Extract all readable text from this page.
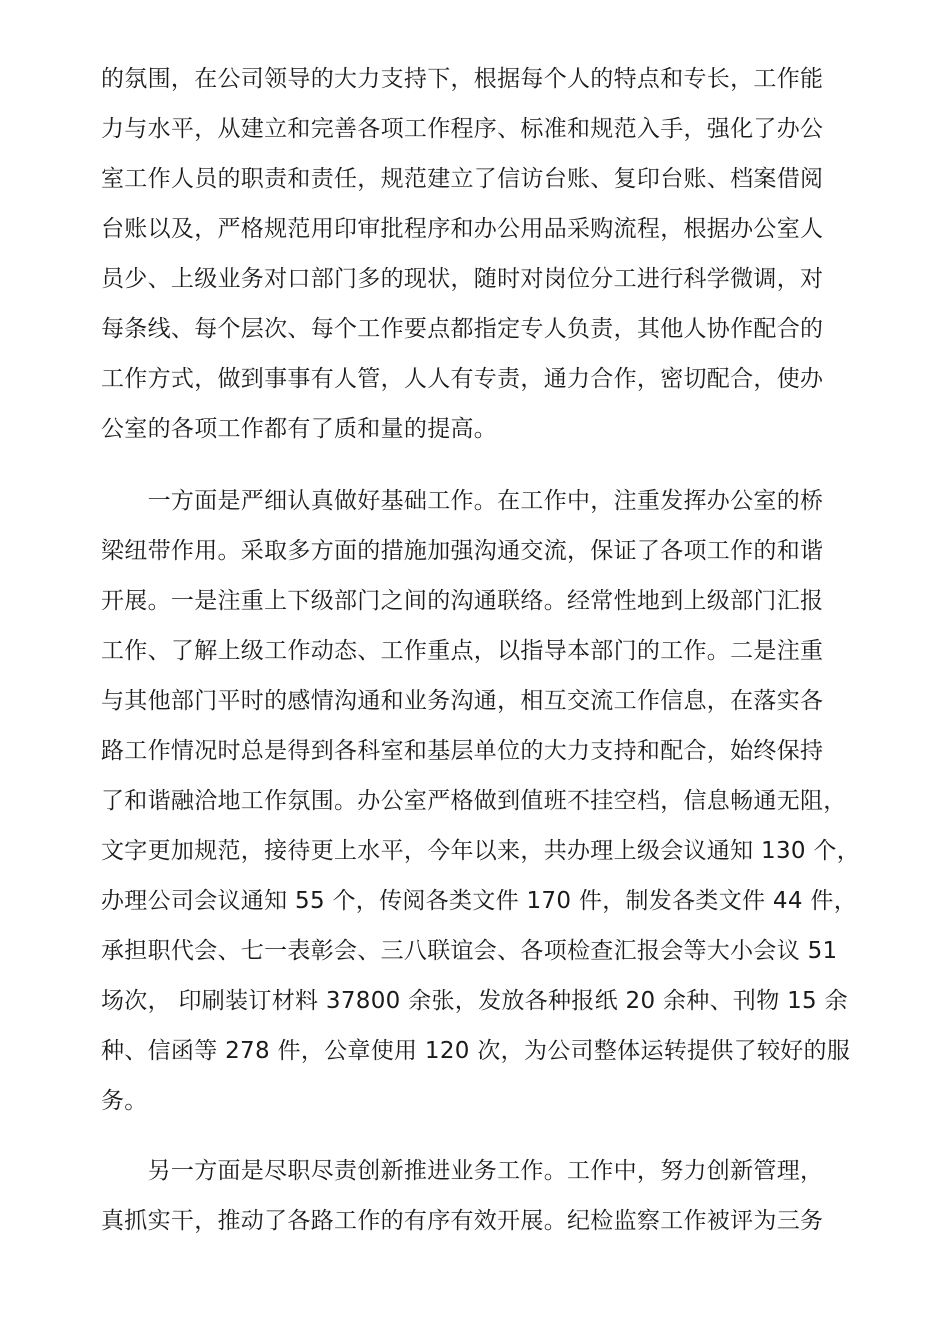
的氛围，在公司领导的大力支持下，根据每个人的特点和专长，工作能
力与水平，从建立和完善各项工作程序、标准和规范入手，强化了办公
室工作人员的职责和责任，规范建立了信访台账、复印台账、档案借阅
台账以及，严格规范用印审批程序和办公用品采购流程，根据办公室人
员少、上级业务对口部门多的现状，随时对岗位分工进行科学微调，对
每条线、每个层次、每个工作要点都指定专人负责，其他人协作配合的
工作方式，做到事事有人管，人人有专责，通力合作，密切配合，使办
公室的各项工作都有了质和量的提高。

　　一方面是严细认真做好基础工作。在工作中，注重发挥办公室的桥
梁纽带作用。采取多方面的措施加强沟通交流，保证了各项工作的和谐
开展。一是注重上下级部门之间的沟通联络。经常性地到上级部门汇报
工作、了解上级工作动态、工作重点，以指导本部门的工作。二是注重
与其他部门平时的感情沟通和业务沟通，相互交流工作信息，在落实各
路工作情况时总是得到各科室和基层单位的大力支持和配合，始终保持
了和谐融洽地工作氛围。办公室严格做到值班不挂空档，信息畅通无阻，
文字更加规范，接待更上水平，今年以来，共办理上级会议通知 130 个，
办理公司会议通知 55 个，传阅各类文件 170 件，制发各类文件 44 件，
承担职代会、七一表彰会、三八联谊会、各项检查汇报会等大小会议 51
场次， 印刷装订材料 37800 余张，发放各种报纸 20 余种、刊物 15 余
种、信函等 278 件，公章使用 120 次，为公司整体运转提供了较好的服
务。

　　另一方面是尽职尽责创新推进业务工作。工作中，努力创新管理，
真抓实干，推动了各路工作的有序有效开展。纪检监察工作被评为三务
